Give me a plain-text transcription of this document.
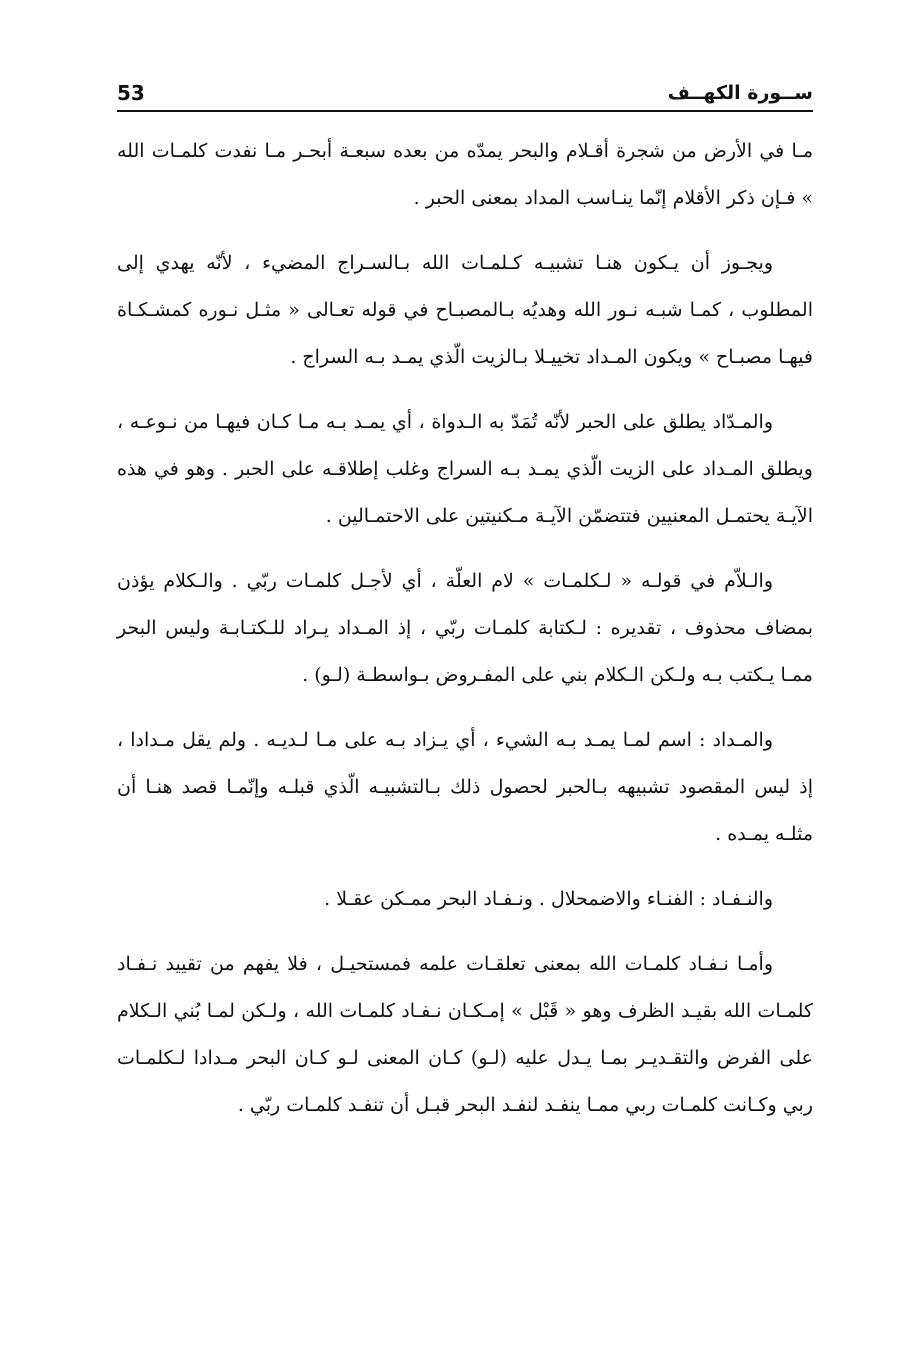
53	ســورة الكهــف

مـا في الأرض من شجرة أقـلام والبحر يمدّه من بعده سبعـة أبحـر مـا نفدت كلمـات الله » فـإن ذكر الأقلام إنّما ينـاسب المداد بمعنى الحبر .

ويجـوز أن يـكون هنـا تشبيـه كـلمـات الله بـالسـراج المضيء ، لأنّه يهدي إلى المطلوب ، كمـا شبـه نـور الله وهديُه بـالمصبـاح في قوله تعـالى « مثـل نـوره كمشـكـاة فيهـا مصبـاح » ويكون المـداد تخييـلا بـالزيت الّذي يمـد بـه السراج .

والمـدّاد يطلق على الحبر لأنّه تُمَدّ به الـدواة ، أي يمـد بـه مـا كـان فيهـا من نـوعـه ، ويطلق المـداد على الزيت الّذي يمـد بـه السراج وغلب إطلاقـه على الحبر . وهو في هذه الآيـة يحتمـل المعنيين فتتضمّن الآيـة مـكنيتين على الاحتمـالين .

والـلاّم في قولـه « لـكلمـات » لام العلّة ، أي لأجـل كلمـات ربّي . والـكلام يؤذن بمضاف محذوف ، تقديره : لـكتابة كلمـات ربّي ، إذ المـداد يـراد للـكتـابـة وليس البحر ممـا يـكتب بـه ولـكن الـكلام بني على المفـروض بـواسطـة (لـو) .

والمـداد : اسم لمـا يمـد بـه الشيء ، أي يـزاد بـه على مـا لـديـه . ولم يقل مـدادا ، إذ ليس المقصود تشبيهه بـالحبر لحصول ذلك بـالتشبيـه الّذي قبلـه وإنّمـا قصد هنـا أن مثلـه يمـده .

والنـفـاد : الفنـاء والاضمحلال . ونـفـاد البحر ممـكن عقـلا .

وأمـا نـفـاد كلمـات الله بمعنى تعلقـات علمه فمستحيـل ، فلا يفهم من تقييد نـفـاد كلمـات الله بقيـد الظرف وهو « قَبْل » إمـكـان نـفـاد كلمـات الله ، ولـكن لمـا بُني الـكلام على الفرض والتقـديـر بمـا يـدل عليه (لـو) كـان المعنى لـو كـان البحر مـدادا لـكلمـات ربي وكـانت كلمـات ربي ممـا ينفـد لنفـد البحر قبـل أن تنفـد كلمـات ربّي .
